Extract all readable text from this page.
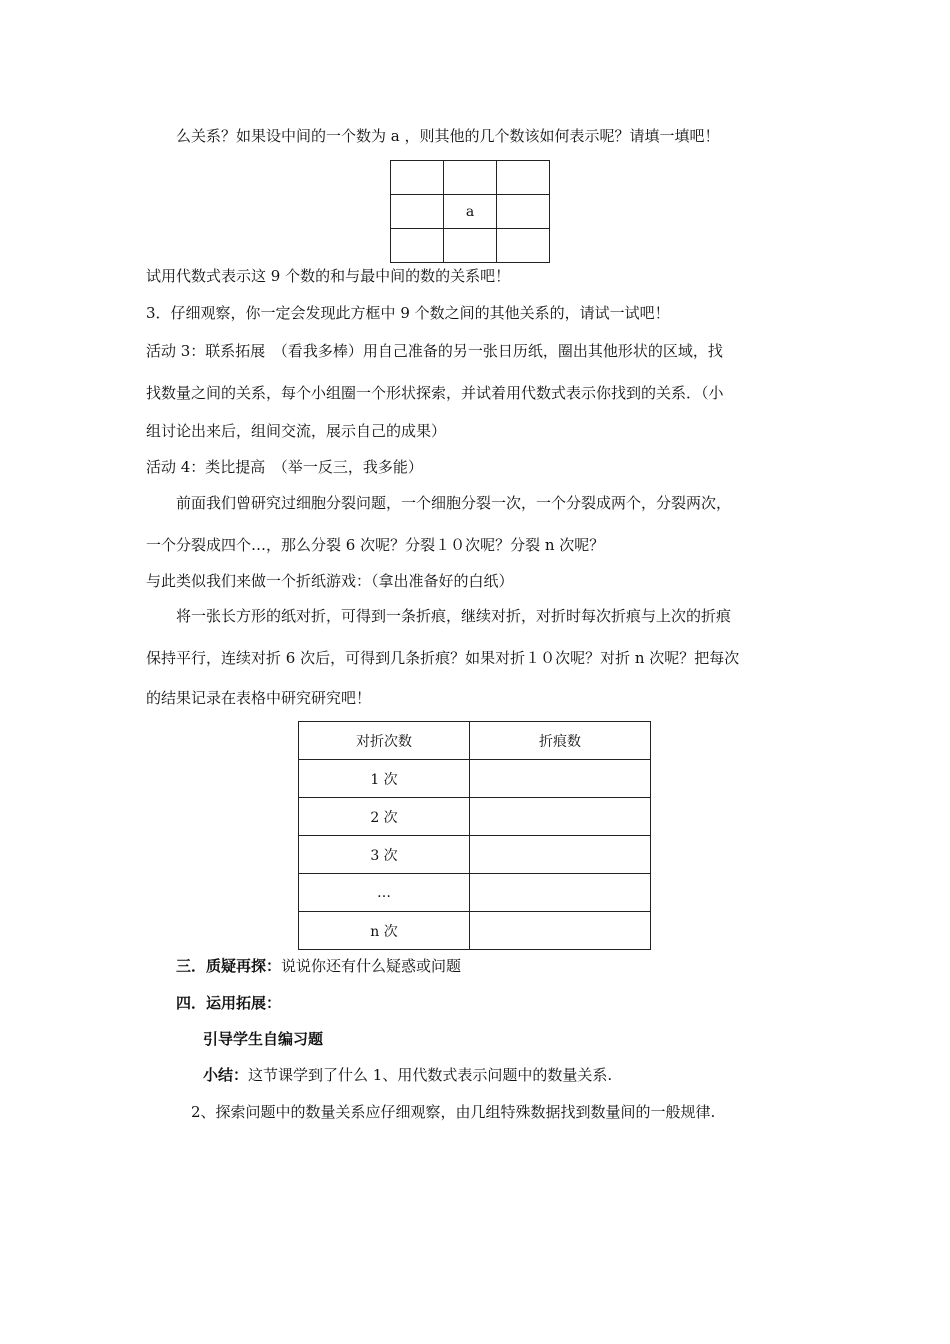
么关系？如果设中间的一个数为 a ，则其他的几个数该如何表示呢？请填一填吧！

	a	

试用代数式表示这 9 个数的和与最中间的数的关系吧！
3．仔细观察，你一定会发现此方框中 9 个数之间的其他关系的，请试一试吧！
活动 3：联系拓展　（看我多棒）用自己准备的另一张日历纸，圈出其他形状的区域，找
找数量之间的关系，每个小组圈一个形状探索，并试着用代数式表示你找到的关系．（小
组讨论出来后，组间交流，展示自己的成果）
活动 4：类比提高　（举一反三，我多能）
前面我们曾研究过细胞分裂问题，一个细胞分裂一次，一个分裂成两个，分裂两次，
一个分裂成四个…，那么分裂 6 次呢？分裂１０次呢？分裂 n 次呢？
与此类似我们来做一个折纸游戏：（拿出准备好的白纸）
将一张长方形的纸对折，可得到一条折痕，继续对折，对折时每次折痕与上次的折痕
保持平行，连续对折 6 次后，可得到几条折痕？如果对折１０次呢？对折 n 次呢？把每次
的结果记录在表格中研究研究吧！
对折次数	折痕数
1 次	
2 次	
3 次	
…	
n 次	
三．质疑再探：说说你还有什么疑惑或问题
四．运用拓展：
引导学生自编习题
小结：这节课学到了什么 1、用代数式表示问题中的数量关系.
2、探索问题中的数量关系应仔细观察，由几组特殊数据找到数量间的一般规律.
